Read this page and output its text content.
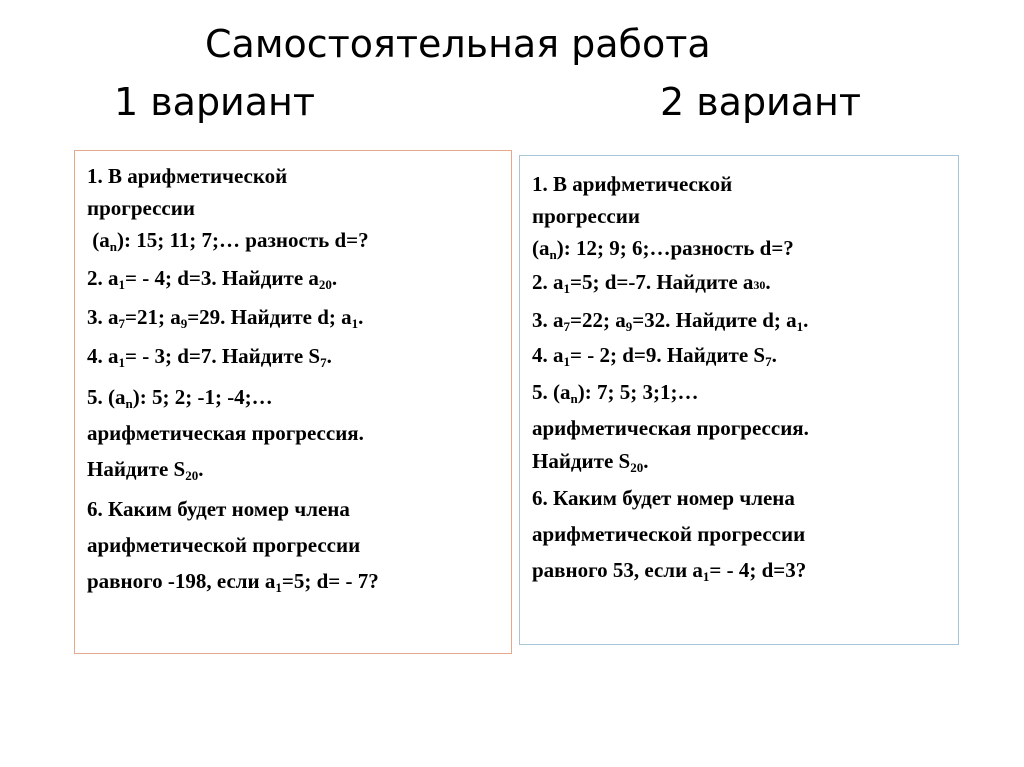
Самостоятельная работа
1 вариант	2 вариант

1. В арифметической
прогрессии
$(a_n)$: 15; 11; 7;… разность d=?

2. $a_1= - 4$; d=3. Найдите $a_{20}$.

3. $a_7=21$; $a_9=29$. Найдите d; $a_1$.

4. $a_1= - 3$; d=7. Найдите $S_7$.

5. $(a_n)$: 5; 2; -1; -4;…
арифметическая прогрессия.
Найдите $S_{20}$.

6. Каким будет номер члена
арифметической прогрессии
равного -198, если $a_1=5$; d= - 7?

1. В арифметической
прогрессии
$(a_n)$: 12; 9; 6;…разность d=?

2. $a_1=5$; d=-7. Найдите a30.

3. $a_7=22$; $a_9=32$. Найдите d; $a_1$.

4. $a_1= - 2$; d=9. Найдите $S_7$.

5. $(a_n)$: 7; 5; 3;1;…
арифметическая прогрессия.
Найдите $S_{20}$.

6. Каким будет номер члена
арифметической прогрессии
равного 53, если $a_1= - 4$; d=3?
